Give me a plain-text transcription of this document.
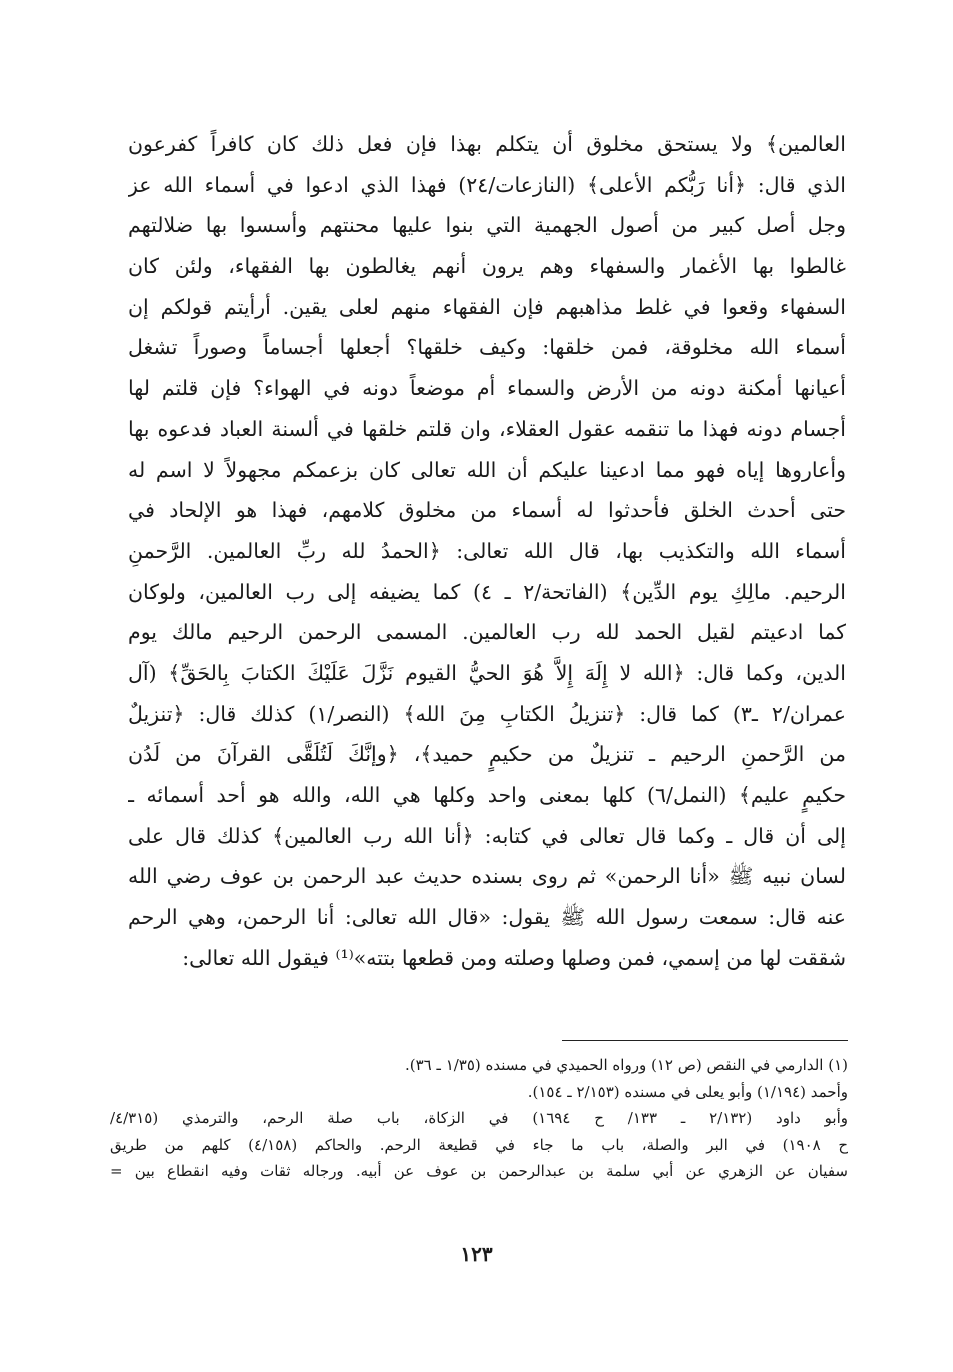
العالمين﴾ ولا يستحق مخلوق أن يتكلم بهذا فإن فعل ذلك كان كافراً كفرعون
الذي قال: ﴿أنا رَبُّكم الأعلى﴾ (النازعات/٢٤) فهذا الذي ادعوا في أسماء الله عز
وجل أصل كبير من أصول الجهمية التي بنوا عليها محنتهم وأسسوا بها ضلالتهم
غالطوا بها الأغمار والسفهاء وهم يرون أنهم يغالطون بها الفقهاء، ولئن كان
السفهاء وقعوا في غلط مذاهبهم فإن الفقهاء منهم لعلى يقين. أرأيتم قولكم إن
أسماء الله مخلوقة، فمن خلقها: وكيف خلقها؟ أجعلها أجساماً وصوراً تشغل
أعيانها أمكنة دونه من الأرض والسماء أم موضعاً دونه في الهواء؟ فإن قلتم لها
أجسام دونه فهذا ما تنقمه عقول العقلاء، وان قلتم خلقها في ألسنة العباد فدعوه بها
وأعاروها إياه فهو مما ادعينا عليكم أن الله تعالى كان بزعمكم مجهولاً لا اسم له
حتى أحدث الخلق فأحدثوا له أسماء من مخلوق كلامهم، فهذا هو الإلحاد في
أسماء الله والتكذيب بها، قال الله تعالى: ﴿الحمدُ لله ربِّ العالمين. الرَّحمنِ
الرحيم. مالِكِ يوم الدِّين﴾ (الفاتحة/٢ ـ ٤) كما يضيفه إلى رب العالمين، ولوكان
كما ادعيتم لقيل الحمد لله رب العالمين. المسمى الرحمن الرحيم مالك يوم
الدين، وكما قال: ﴿الله لا إِلَهَ إِلاَّ هُوَ الحيُّ القيوم نَزَّلَ عَلَيْكَ الكتابَ بِالحَقِّ﴾ (آل
عمران/٢ ـ٣) كما قال: ﴿تنزيلُ الكتابِ مِنَ الله﴾ (النصر/١) كذلك قال: ﴿تنزيلٌ
من الرَّحمنِ الرحيم ـ تنزيلٌ من حكيمٍ حميد﴾، ﴿وإنَّكَ لَتُلَقَّى القرآنَ من لَدُن
حكيمٍ عليم﴾ (النمل/٦) كلها بمعنى واحد وكلها هي الله، والله هو أحد أسمائه ـ
إلى أن قال ـ وكما قال تعالى في كتابه: ﴿أنا الله رب العالمين﴾ كذلك قال على
لسان نبيه ﷺ «أنا الرحمن» ثم روى بسنده حديث عبد الرحمن بن عوف رضي الله
عنه قال: سمعت رسول الله ﷺ يقول: «قال الله تعالى: أنا الرحمن، وهي الرحم
شققت لها من إسمي، فمن وصلها وصلته ومن قطعها بتته»⁽¹⁾ فيقول الله تعالى:
(١) الدارمي في النقص (ص ١٢) ورواه الحميدي في مسنده (١/٣٥ ـ ٣٦).
وأحمد (١/١٩٤) وأبو يعلى في مسنده (٢/١٥٣ ـ ١٥٤).
وأبو داود (٢/١٣٢ ـ ١٣٣/ ح ١٦٩٤) في الزكاة، باب صلة الرحم، والترمذي (٤/٣١٥/
ح ١٩٠٨) في البر والصلة، باب ما جاء في قطيعة الرحم. والحاكم (٤/١٥٨) كلهم من طريق
سفيان عن الزهري عن أبي سلمة بن عبدالرحمن بن عوف عن أبيه. ورجاله ثقات وفيه انقطاع بين =
١٢٣
